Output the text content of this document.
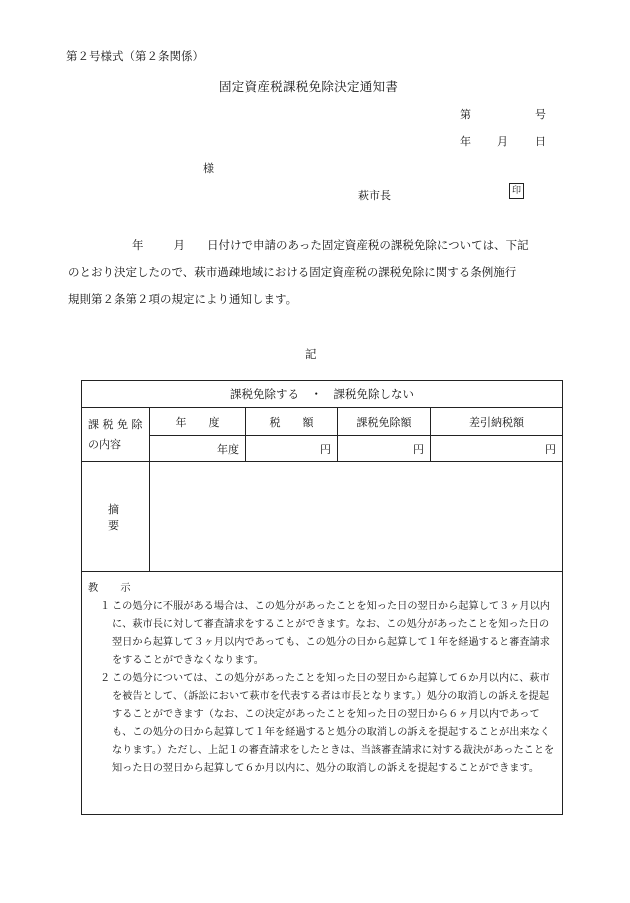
第２号様式（第２条関係）
固定資産税課税免除決定通知書
第	号
年 月 日
様
萩市長	印
年	月 日付けで申請のあった固定資産税の課税免除については、下記
のとおり決定したので、萩市過疎地域における固定資産税の課税免除に関する条例施行
規則第２条第２項の規定により通知します。
記
課税免除する　・　課税免除しない				

課 税 免 除
の内容	年　　度	税　　額	課税免除額	差引納税額
	年度	円	円	円
摘 要				

教　示
１ この処分に不服がある場合は、この処分があったことを知った日の翌日から起算して３ヶ月以内に、萩市長に対して審査請求をすることができます。なお、この処分があったことを知った日の翌日から起算して３ヶ月以内であっても、この処分の日から起算して１年を経過すると審査請求をすることができなくなります。
２ この処分については、この処分があったことを知った日の翌日から起算して６か月以内に、萩市を被告として、（訴訟において萩市を代表する者は市長となります。）処分の取消しの訴えを提起することができます（なお、この決定があったことを知った日の翌日から６ヶ月以内であっても、この処分の日から起算して１年を経過すると処分の取消しの訴えを提起することが出来なくなります。）ただし、上記１の審査請求をしたときは、当該審査請求に対する裁決があったことを知った日の翌日から起算して６か月以内に、処分の取消しの訴えを提起することができます。				
